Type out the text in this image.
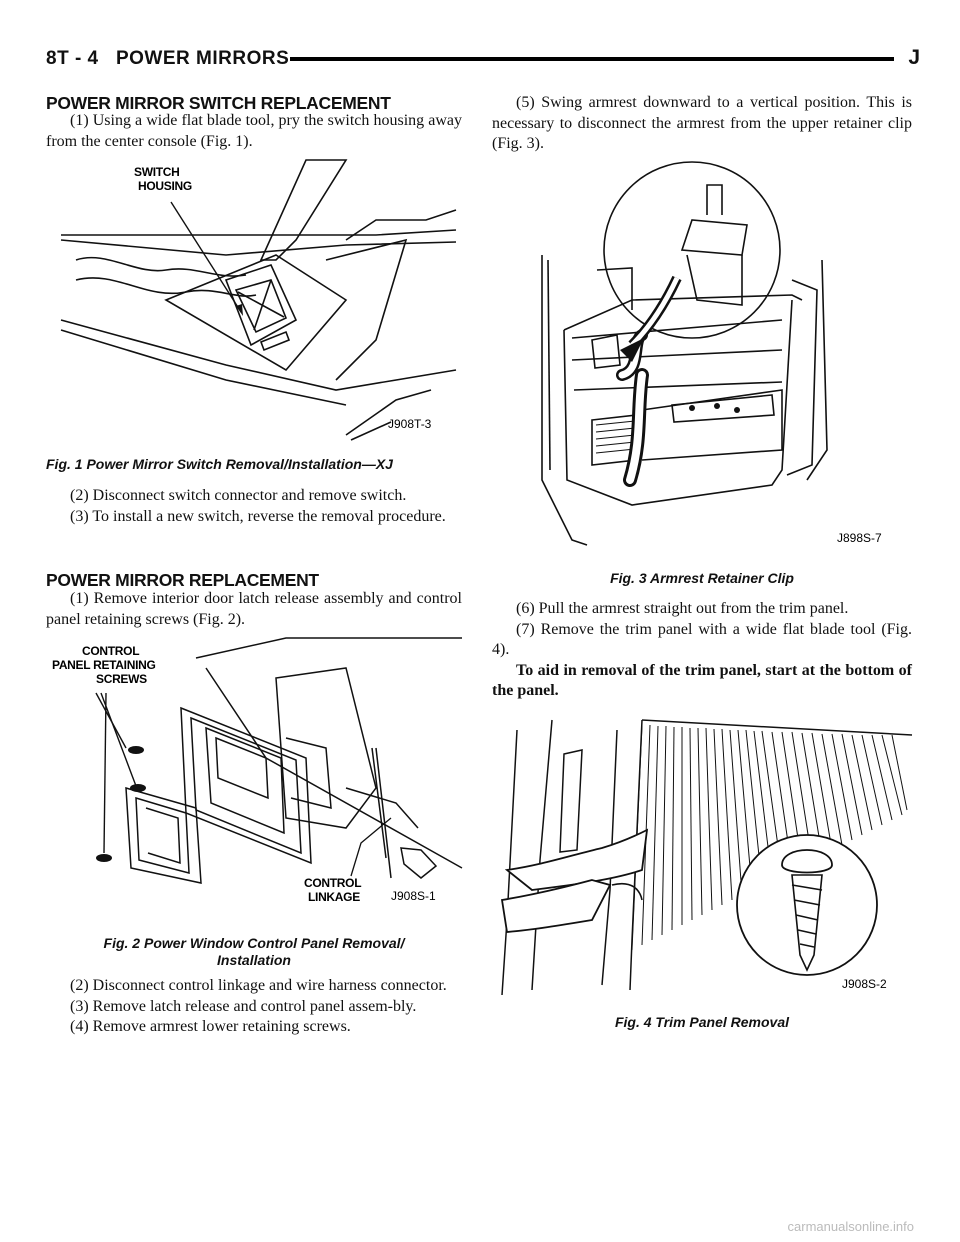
8T - 4 POWER MIRRORS	J
POWER MIRROR SWITCH REPLACEMENT

(1) Using a wide flat blade tool, pry the switch housing away from the center console (Fig. 1).

SWITCH
HOUSING
J908T-3
Fig. 1 Power Mirror Switch Removal/Installation—XJ

(2) Disconnect switch connector and remove switch.

(3) To install a new switch, reverse the removal procedure.

POWER MIRROR REPLACEMENT

(1) Remove interior door latch release assembly and control panel retaining screws (Fig. 2).

CONTROL
PANEL RETAINING
SCREWS
CONTROL
LINKAGE	J908S-1
Fig. 2 Power Window Control Panel Removal/
Installation

(2) Disconnect control linkage and wire harness connector.

(3) Remove latch release and control panel assem-bly.

(4) Remove armrest lower retaining screws.

(5) Swing armrest downward to a vertical position. This is necessary to disconnect the armrest from the upper retainer clip (Fig. 3).

J898S-7
Fig. 3 Armrest Retainer Clip

(6) Pull the armrest straight out from the trim panel.

(7) Remove the trim panel with a wide flat blade tool (Fig. 4).

To aid in removal of the trim panel, start at the bottom of the panel.

J908S-2
Fig. 4 Trim Panel Removal
carmanualsonline.info
